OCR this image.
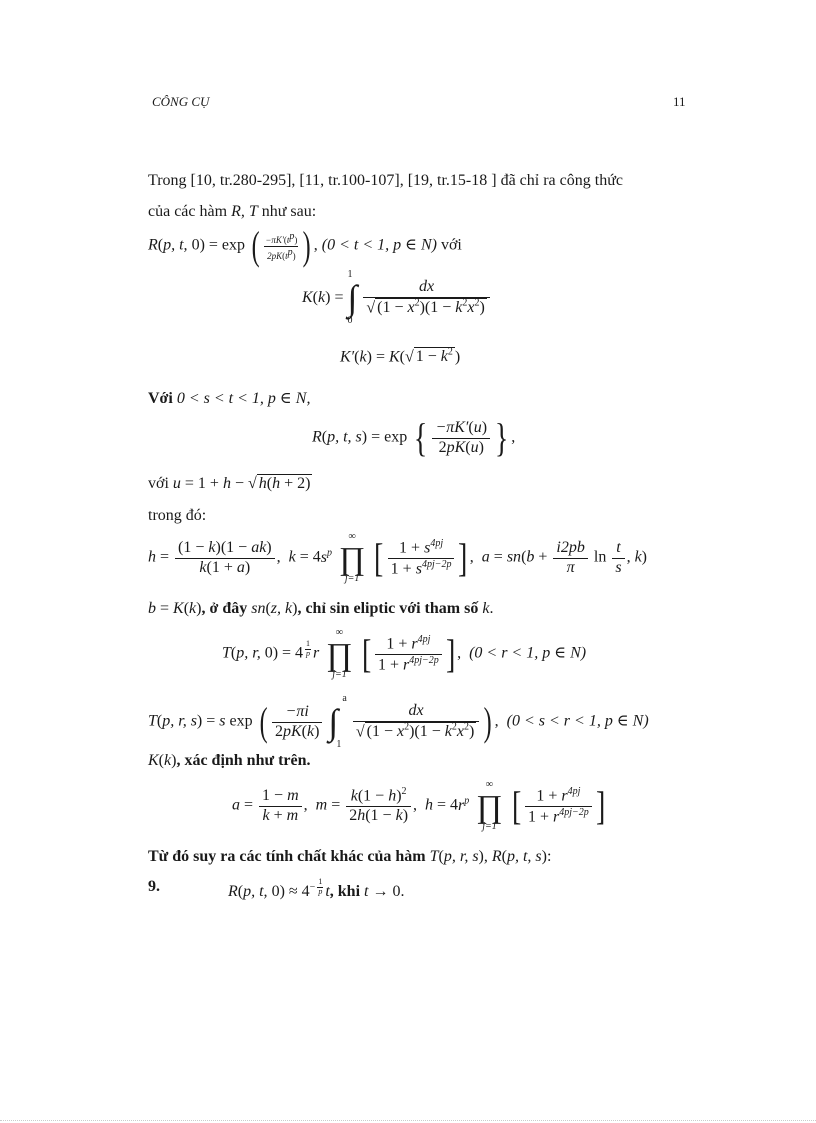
CÔNG CỤ	11
Trong [10, tr.280-295], [11, tr.100-107], [19, tr.15-18 ] đã chỉ ra công thức
của các hàm R, T như sau:
R(p, t, 0) = exp ( $\frac{-\pi K'(t^p)}{2pK(t^p)}$ ) , (0 < t < 1, p ∈ N) với
K(k) =
1
∫
0

$\frac{dx}{√ (1 - x^2)(1 - k^2x^2)}$
K′(k) = K(√ $1 - k^2$ )
Với 0 < s < t < 1, p ∈ N,
R(p, t, s) = exp { $\frac{-\pi K'(u)}{2pK(u)}$ } ,
với u = 1 + h − √ h(h + 2)
trong đó:
$h = \frac{(1 - k)(1 - ak)}{k(1 + a)}$ ,  $k = 4s^p$
∞
∏
j=1 [ $\frac{1 + s^{4pj}}{1 + s^{4pj-2p}}$ ] ,  $a = sn(b + \frac{i2pb}{\pi}$ $\ln \frac{t}{s}$ , k)
b = K(k), ở đây sn(z, k), chỉ sin eliptic với tham số k.
T(p, r, 0) = 4 $^{\frac{1}{p}}$ r
∞
∏
j=1 [ $\frac{1 + r^{4pj}}{1 + r^{4pj-2p}}$ ] ,  (0 < r < 1, p ∈ N)
T(p, r, s) = s exp ( $\frac{-\pi i}{2pK(k)}$

a
∫
1

$\frac{dx}{√ (1 - x^2)(1 - k^2x^2)}$ ) ,  (0 < s < r < 1, p ∈ N)
K(k), xác định như trên.
$a = \frac{1 - m}{k + m}$ ,  $m = \frac{k(1 - h)^2}{2h(1 - k)}$ ,  $h = 4r^p$
∞
∏
j=1 [ $\frac{1 + r^{4pj}}{1 + r^{4pj-2p}}$ ]
Từ đó suy ra các tính chất khác của hàm T(p, r, s), R(p, t, s):
9.	R(p, t, $0) \approx 4^{- \frac{1}{p}}$ t, khi t → 0.
